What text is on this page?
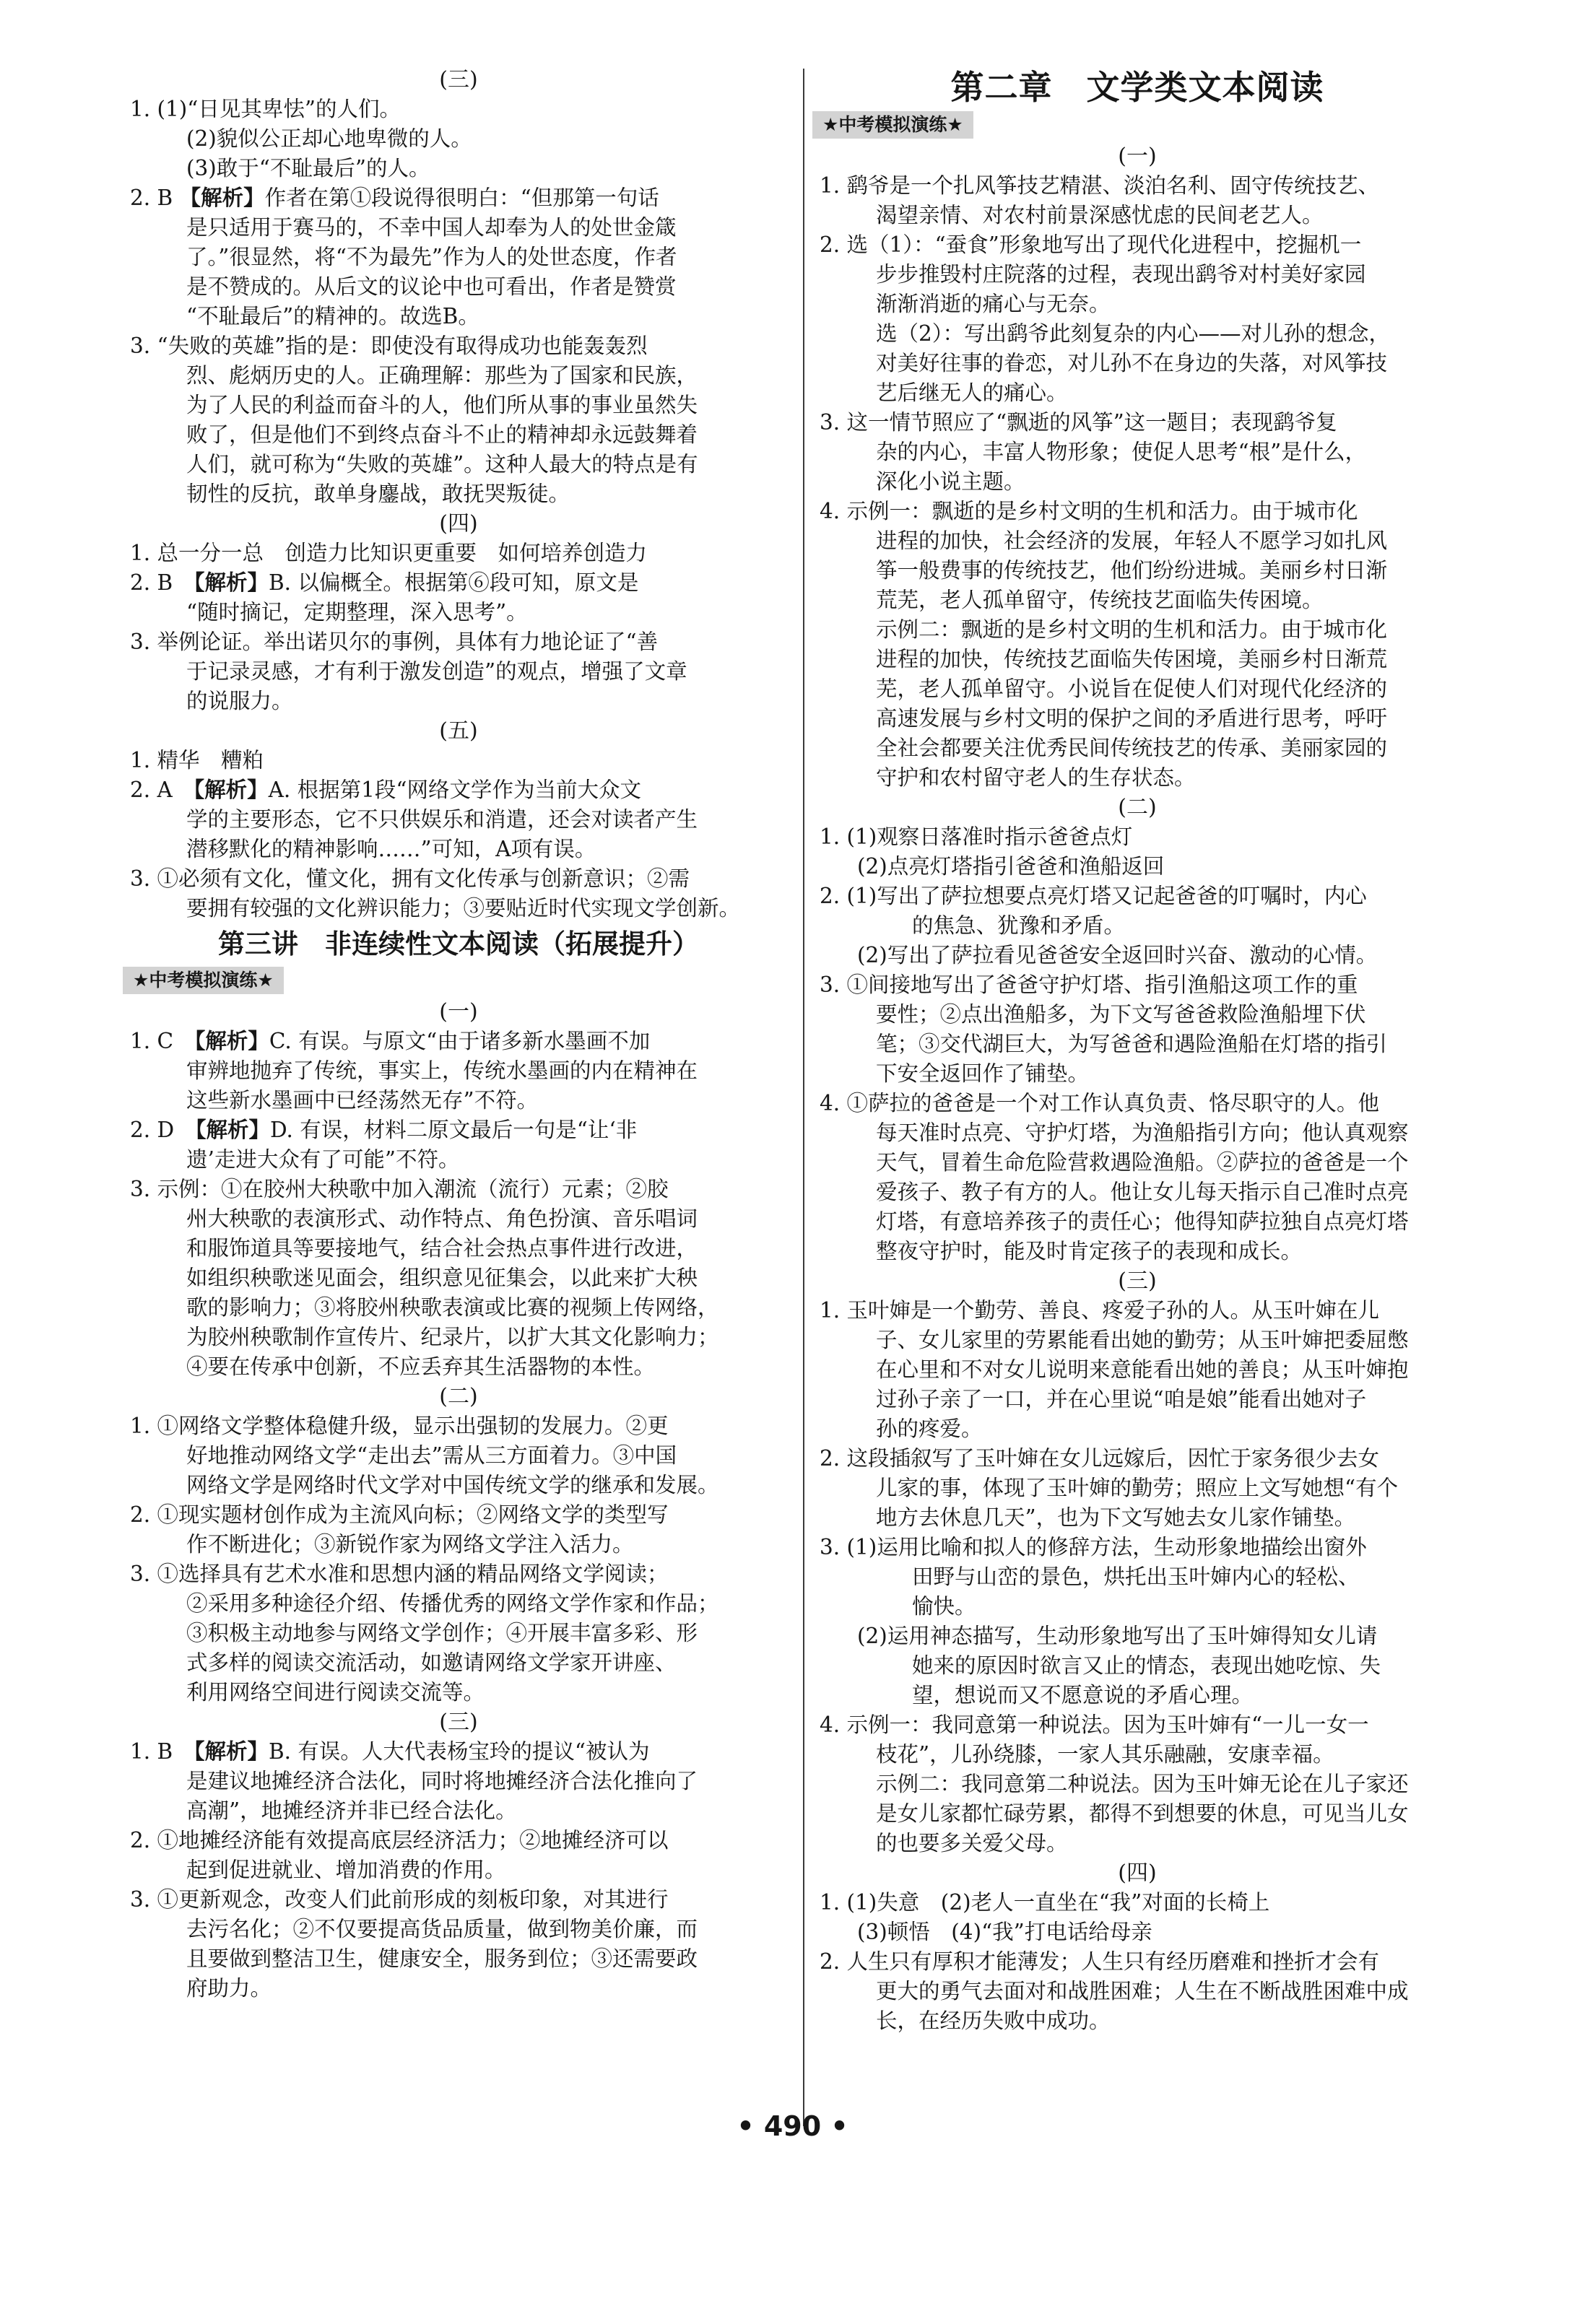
(三)
1. (1)“日见其卑怯”的人们。
(2)貌似公正却心地卑微的人。
(3)敢于“不耻最后”的人。
2. B 【解析】作者在第①段说得很明白：“但那第一句话
是只适用于赛马的，不幸中国人却奉为人的处世金箴
了。”很显然，将“不为最先”作为人的处世态度，作者
是不赞成的。从后文的议论中也可看出，作者是赞赏
“不耻最后”的精神的。故选B。
3. “失败的英雄”指的是：即使没有取得成功也能轰轰烈
烈、彪炳历史的人。正确理解：那些为了国家和民族，
为了人民的利益而奋斗的人，他们所从事的事业虽然失
败了，但是他们不到终点奋斗不止的精神却永远鼓舞着
人们，就可称为“失败的英雄”。这种人最大的特点是有
韧性的反抗，敢单身鏖战，敢抚哭叛徒。
(四)
1. 总一分一总　创造力比知识更重要　如何培养创造力
2. B　【解析】B. 以偏概全。根据第⑥段可知，原文是
“随时摘记，定期整理，深入思考”。
3. 举例论证。举出诺贝尔的事例，具体有力地论证了“善
于记录灵感，才有利于激发创造”的观点，增强了文章
的说服力。
(五)
1. 精华　糟粕
2. A　【解析】A. 根据第1段“网络文学作为当前大众文
学的主要形态，它不只供娱乐和消遣，还会对读者产生
潜移默化的精神影响……”可知，A项有误。
3. ①必须有文化，懂文化，拥有文化传承与创新意识；②需
要拥有较强的文化辨识能力；③要贴近时代实现文学创新。
第三讲　非连续性文本阅读（拓展提升）
★中考模拟演练★
(一)
1. C　【解析】C. 有误。与原文“由于诸多新水墨画不加
审辨地抛弃了传统，事实上，传统水墨画的内在精神在
这些新水墨画中已经荡然无存”不符。
2. D　【解析】D. 有误，材料二原文最后一句是“让‘非
遗’走进大众有了可能”不符。
3. 示例：①在胶州大秧歌中加入潮流（流行）元素；②胶
州大秧歌的表演形式、动作特点、角色扮演、音乐唱词
和服饰道具等要接地气，结合社会热点事件进行改进，
如组织秧歌迷见面会，组织意见征集会，以此来扩大秧
歌的影响力；③将胶州秧歌表演或比赛的视频上传网络，
为胶州秧歌制作宣传片、纪录片，以扩大其文化影响力；
④要在传承中创新，不应丢弃其生活器物的本性。
(二)
1. ①网络文学整体稳健升级，显示出强韧的发展力。②更
好地推动网络文学“走出去”需从三方面着力。③中国
网络文学是网络时代文学对中国传统文学的继承和发展。
2. ①现实题材创作成为主流风向标；②网络文学的类型写
作不断进化；③新锐作家为网络文学注入活力。
3. ①选择具有艺术水准和思想内涵的精品网络文学阅读；
②采用多种途径介绍、传播优秀的网络文学作家和作品；
③积极主动地参与网络文学创作；④开展丰富多彩、形
式多样的阅读交流活动，如邀请网络文学家开讲座、
利用网络空间进行阅读交流等。
(三)
1. B　【解析】B. 有误。人大代表杨宝玲的提议“被认为
是建议地摊经济合法化，同时将地摊经济合法化推向了
高潮”，地摊经济并非已经合法化。
2. ①地摊经济能有效提高底层经济活力；②地摊经济可以
起到促进就业、增加消费的作用。
3. ①更新观念，改变人们此前形成的刻板印象，对其进行
去污名化；②不仅要提高货品质量，做到物美价廉，而
且要做到整洁卫生，健康安全，服务到位；③还需要政
府助力。
第二章　文学类文本阅读
★中考模拟演练★
(一)
1. 鹞爷是一个扎风筝技艺精湛、淡泊名利、固守传统技艺、
渴望亲情、对农村前景深感忧虑的民间老艺人。
2. 选（1）：“蚕食”形象地写出了现代化进程中，挖掘机一
步步推毁村庄院落的过程，表现出鹞爷对村美好家园
渐渐消逝的痛心与无奈。
选（2）：写出鹞爷此刻复杂的内心——对儿孙的想念，
对美好往事的眷恋，对儿孙不在身边的失落，对风筝技
艺后继无人的痛心。
3. 这一情节照应了“飘逝的风筝”这一题目；表现鹞爷复
杂的内心，丰富人物形象；使促人思考“根”是什么，
深化小说主题。
4. 示例一：飘逝的是乡村文明的生机和活力。由于城市化
进程的加快，社会经济的发展，年轻人不愿学习如扎风
筝一般费事的传统技艺，他们纷纷进城。美丽乡村日渐
荒芜，老人孤单留守，传统技艺面临失传困境。
示例二：飘逝的是乡村文明的生机和活力。由于城市化
进程的加快，传统技艺面临失传困境，美丽乡村日渐荒
芜，老人孤单留守。小说旨在促使人们对现代化经济的
高速发展与乡村文明的保护之间的矛盾进行思考，呼吁
全社会都要关注优秀民间传统技艺的传承、美丽家园的
守护和农村留守老人的生存状态。
(二)
1. (1)观察日落准时指示爸爸点灯
(2)点亮灯塔指引爸爸和渔船返回
2. (1)写出了萨拉想要点亮灯塔又记起爸爸的叮嘱时，内心
的焦急、犹豫和矛盾。
(2)写出了萨拉看见爸爸安全返回时兴奋、激动的心情。
3. ①间接地写出了爸爸守护灯塔、指引渔船这项工作的重
要性；②点出渔船多，为下文写爸爸救险渔船埋下伏
笔；③交代湖巨大，为写爸爸和遇险渔船在灯塔的指引
下安全返回作了铺垫。
4. ①萨拉的爸爸是一个对工作认真负责、恪尽职守的人。他
每天准时点亮、守护灯塔，为渔船指引方向；他认真观察
天气，冒着生命危险营救遇险渔船。②萨拉的爸爸是一个
爱孩子、教子有方的人。他让女儿每天指示自己准时点亮
灯塔，有意培养孩子的责任心；他得知萨拉独自点亮灯塔
整夜守护时，能及时肯定孩子的表现和成长。
(三)
1. 玉叶婶是一个勤劳、善良、疼爱子孙的人。从玉叶婶在儿
子、女儿家里的劳累能看出她的勤劳；从玉叶婶把委屈憋
在心里和不对女儿说明来意能看出她的善良；从玉叶婶抱
过孙子亲了一口，并在心里说“咱是娘”能看出她对子
孙的疼爱。
2. 这段插叙写了玉叶婶在女儿远嫁后，因忙于家务很少去女
儿家的事，体现了玉叶婶的勤劳；照应上文写她想“有个
地方去休息几天”，也为下文写她去女儿家作铺垫。
3. (1)运用比喻和拟人的修辞方法，生动形象地描绘出窗外
田野与山峦的景色，烘托出玉叶婶内心的轻松、
愉快。
(2)运用神态描写，生动形象地写出了玉叶婶得知女儿请
她来的原因时欲言又止的情态，表现出她吃惊、失
望，想说而又不愿意说的矛盾心理。
4. 示例一：我同意第一种说法。因为玉叶婶有“一儿一女一
枝花”，儿孙绕膝，一家人其乐融融，安康幸福。
示例二：我同意第二种说法。因为玉叶婶无论在儿子家还
是女儿家都忙碌劳累，都得不到想要的休息，可见当儿女
的也要多关爱父母。
(四)
1. (1)失意　(2)老人一直坐在“我”对面的长椅上
(3)顿悟　(4)“我”打电话给母亲
2. 人生只有厚积才能薄发；人生只有经历磨难和挫折才会有
更大的勇气去面对和战胜困难；人生在不断战胜困难中成
长，在经历失败中成功。
• 490 •
